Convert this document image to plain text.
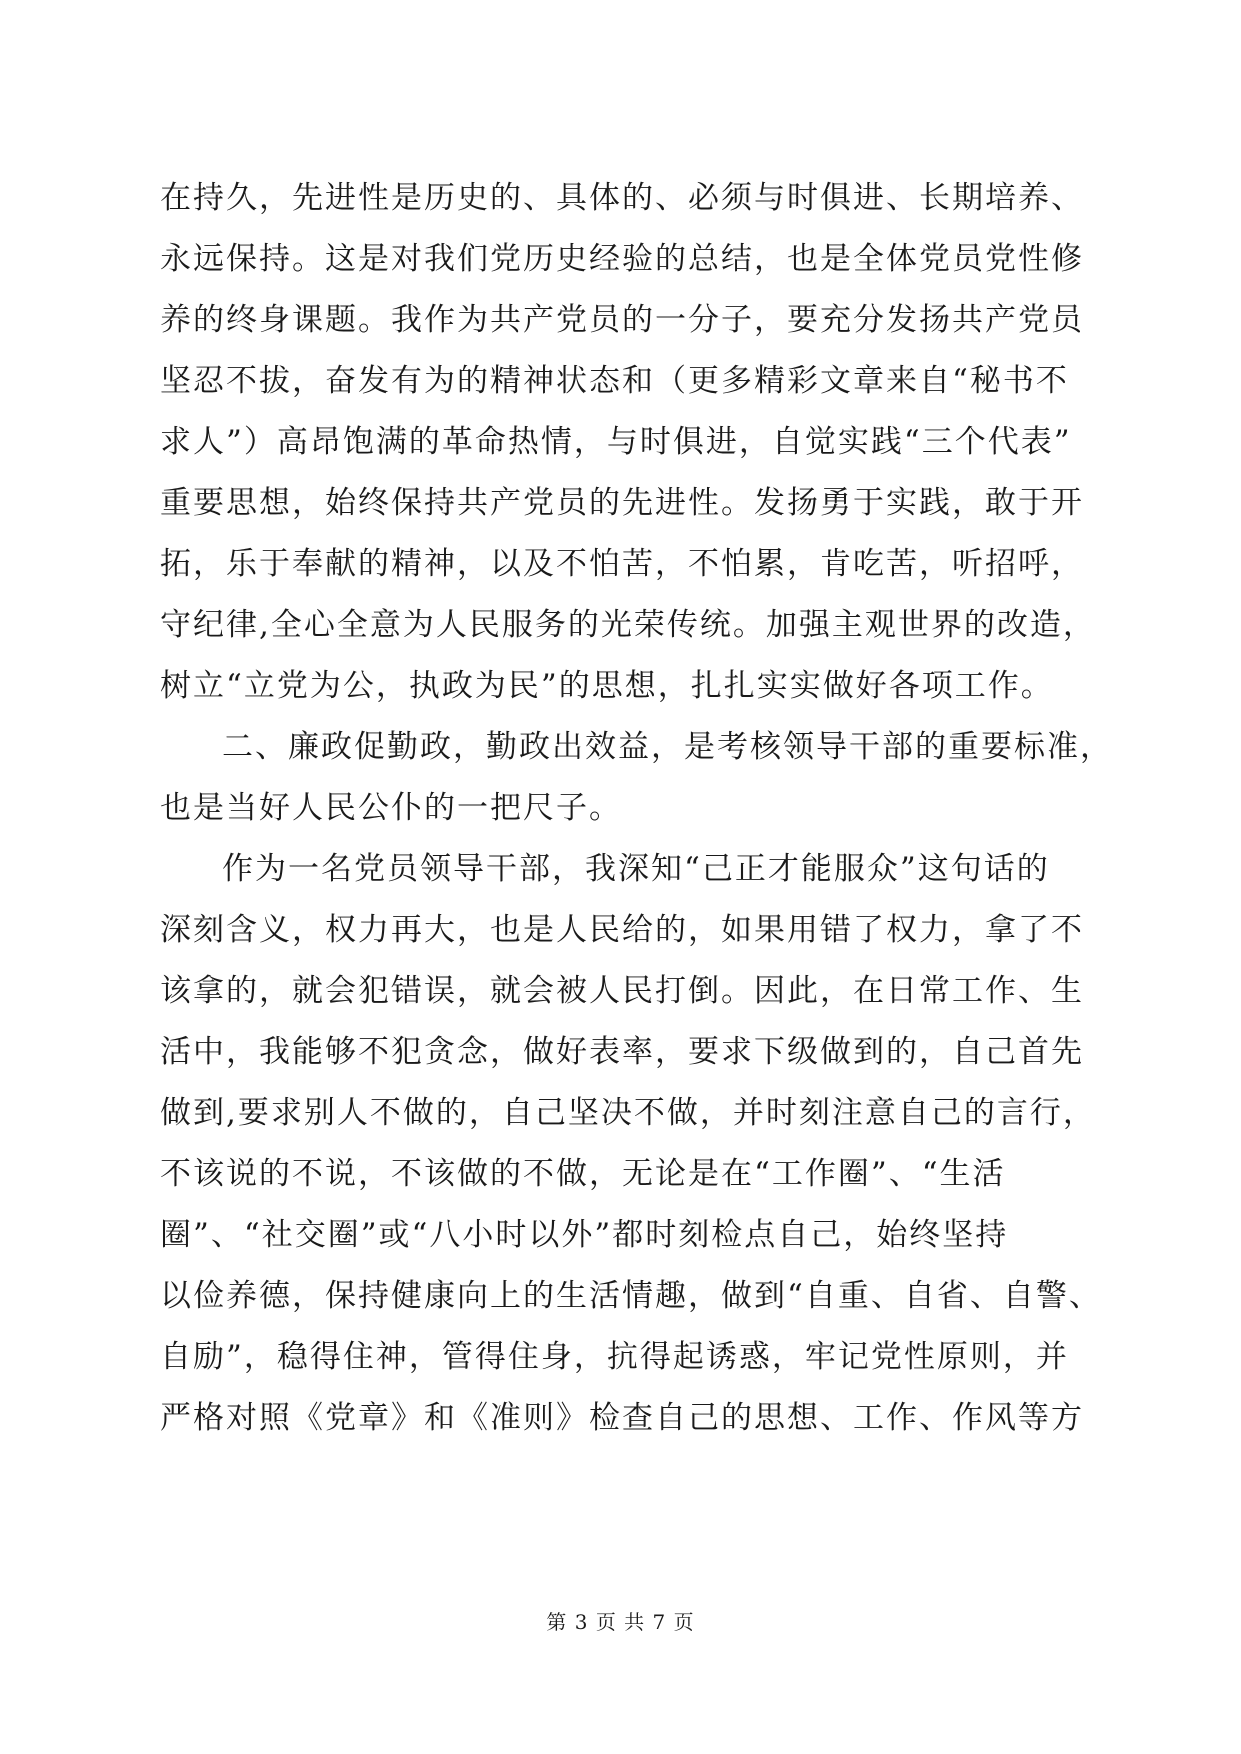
在持久，先进性是历史的、具体的、必须与时俱进、长期培养、
永远保持。这是对我们党历史经验的总结，也是全体党员党性修
养的终身课题。我作为共产党员的一分子，要充分发扬共产党员
坚忍不拔，奋发有为的精神状态和（更多精彩文章来自“秘书不
求人”）高昂饱满的革命热情，与时俱进，自觉实践“三个代表”
重要思想，始终保持共产党员的先进性。发扬勇于实践，敢于开
拓，乐于奉献的精神，以及不怕苦，不怕累，肯吃苦，听招呼，
守纪律,全心全意为人民服务的光荣传统。加强主观世界的改造，
树立“立党为公，执政为民”的思想，扎扎实实做好各项工作。
二、廉政促勤政，勤政出效益，是考核领导干部的重要标准，
也是当好人民公仆的一把尺子。
作为一名党员领导干部，我深知“己正才能服众”这句话的
深刻含义，权力再大，也是人民给的，如果用错了权力，拿了不
该拿的，就会犯错误，就会被人民打倒。因此，在日常工作、生
活中，我能够不犯贪念，做好表率，要求下级做到的，自己首先
做到,要求别人不做的，自己坚决不做，并时刻注意自己的言行，
不该说的不说，不该做的不做，无论是在“工作圈”、“生活
圈”、“社交圈”或“八小时以外”都时刻检点自己，始终坚持
以俭养德，保持健康向上的生活情趣，做到“自重、自省、自警、
自励”，稳得住神，管得住身，抗得起诱惑，牢记党性原则，并
严格对照《党章》和《准则》检查自己的思想、工作、作风等方
第 3 页 共 7 页
